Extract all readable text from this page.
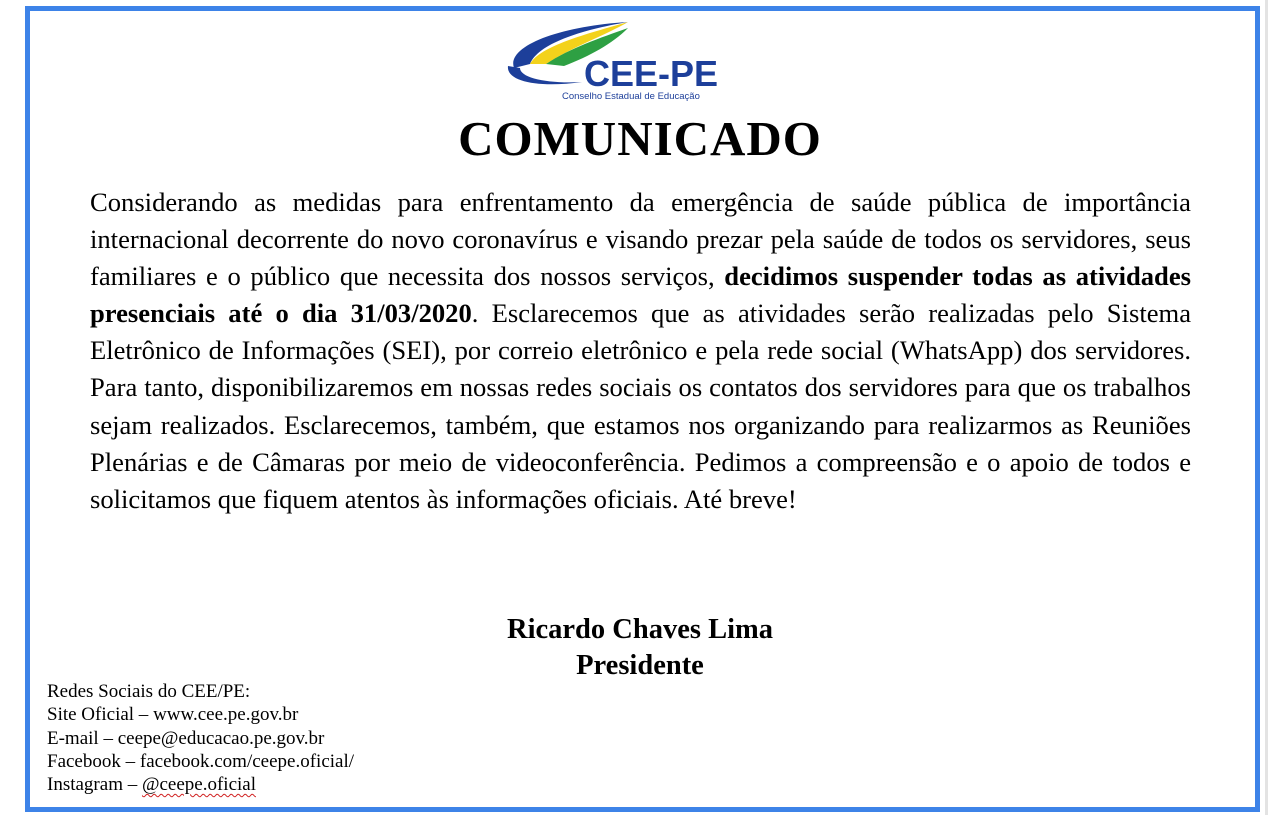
CEE-PE
Conselho Estadual de Educação
COMUNICADO

Considerando as medidas para enfrentamento da emergência de saúde pública de importância internacional decorrente do novo coronavírus e visando prezar pela saúde de todos os servidores, seus familiares e o público que necessita dos nossos serviços, decidimos suspender todas as atividades presenciais até o dia 31/03/2020. Esclarecemos que as atividades serão realizadas pelo Sistema Eletrônico de Informações (SEI), por correio eletrônico e pela rede social (WhatsApp) dos servidores. Para tanto, disponibilizaremos em nossas redes sociais os contatos dos servidores para que os trabalhos sejam realizados. Esclarecemos, também, que estamos nos organizando para realizarmos as Reuniões Plenárias e de Câmaras por meio de videoconferência. Pedimos a compreensão e o apoio de todos e solicitamos que fiquem atentos às informações oficiais. Até breve!

Ricardo Chaves Lima
Presidente
Redes Sociais do CEE/PE:
Site Oficial – www.cee.pe.gov.br
E-mail – ceepe@educacao.pe.gov.br
Facebook – facebook.com/ceepe.oficial/
Instagram – @ceepe.oficial
